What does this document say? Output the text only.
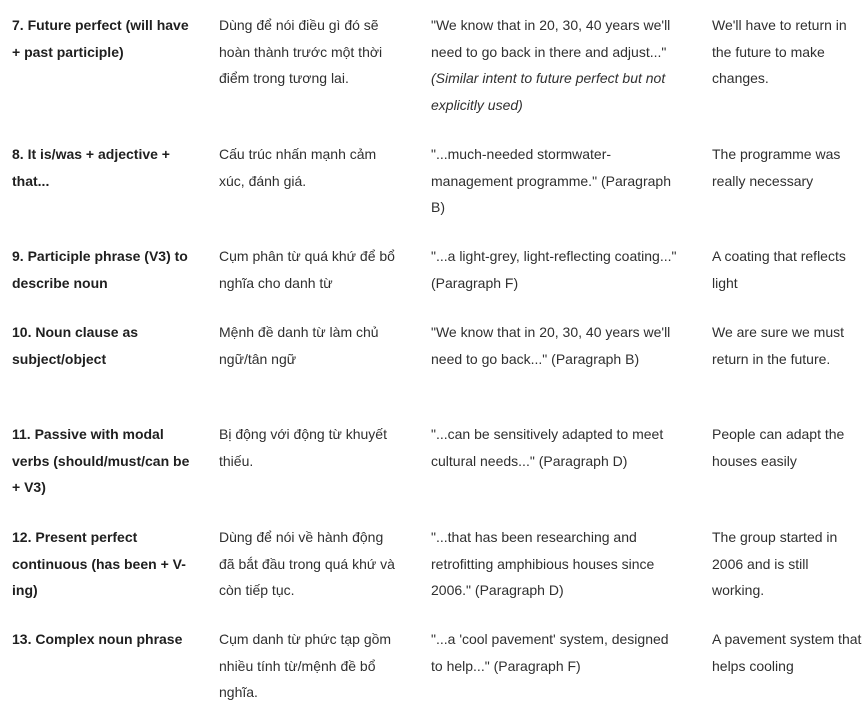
7. Future perfect (will have + past participle)
Dùng để nói điều gì đó sẽ hoàn thành trước một thời điểm trong tương lai.
"We know that in 20, 30, 40 years we'll need to go back in there and adjust..." (Similar intent to future perfect but not explicitly used)
We'll have to return in the future to make changes.
8. It is/was + adjective + that...
Cấu trúc nhấn mạnh cảm xúc, đánh giá.
"...much-needed stormwater-management programme." (Paragraph B)
The programme was really necessary
9. Participle phrase (V3) to describe noun
Cụm phân từ quá khứ để bổ nghĩa cho danh từ
"...a light-grey, light-reflecting coating..." (Paragraph F)
A coating that reflects light
10. Noun clause as subject/object
Mệnh đề danh từ làm chủ ngữ/tân ngữ
"We know that in 20, 30, 40 years we'll need to go back..." (Paragraph B)
We are sure we must return in the future.
11. Passive with modal verbs (should/must/can be + V3)
Bị động với động từ khuyết thiếu.
"...can be sensitively adapted to meet cultural needs..." (Paragraph D)
People can adapt the houses easily
12. Present perfect continuous (has been + V-ing)
Dùng để nói về hành động đã bắt đầu trong quá khứ và còn tiếp tục.
"...that has been researching and retrofitting amphibious houses since 2006." (Paragraph D)
The group started in 2006 and is still working.
13. Complex noun phrase	Cụm danh từ phức tạp gồm nhiều tính từ/mệnh đề bổ nghĩa.
"...a 'cool pavement' system, designed to help..." (Paragraph F)
A pavement system that helps cooling
